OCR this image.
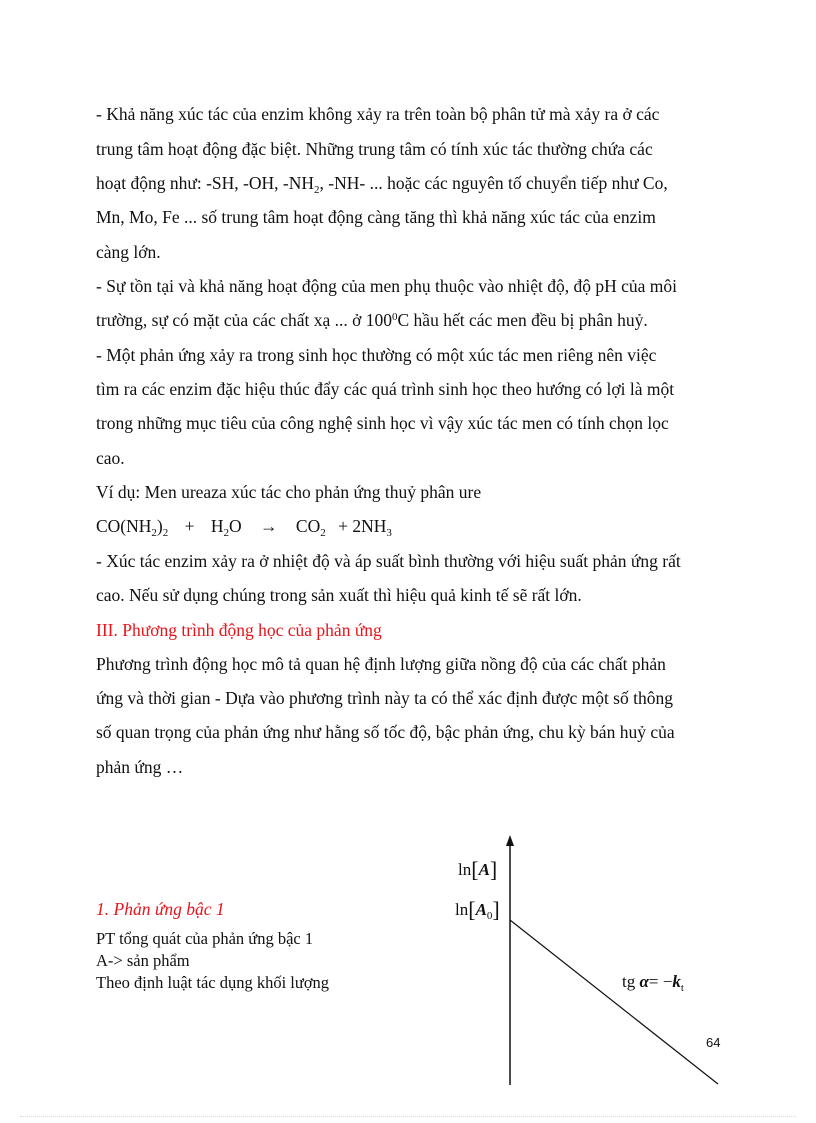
- Khả năng xúc tác của enzim không xảy ra trên toàn bộ phân tử mà xảy ra ở các
trung tâm hoạt động đặc biệt. Những trung tâm có tính xúc tác thường chứa các
hoạt động như: -SH, -OH, $-NH_2$, -NH- ... hoặc các nguyên tố chuyển tiếp như Co,
Mn, Mo, Fe ... số trung tâm hoạt động càng tăng thì khả năng xúc tác của enzim
càng lớn.
- Sự tồn tại và khả năng hoạt động của men phụ thuộc vào nhiệt độ, độ pH của môi
trường, sự có mặt của các chất xạ ... ở $100^0C$ hầu hết các men đều bị phân huỷ.
- Một phản ứng xảy ra trong sinh học thường có một xúc tác men riêng nên việc
tìm ra các enzim đặc hiệu thúc đẩy các quá trình sinh học theo hướng có lợi là một
trong những mục tiêu của công nghệ sinh học vì vậy xúc tác men có tính chọn lọc
cao.
Ví dụ: Men ureaza xúc tác cho phản ứng thuỷ phân ure
$CO(NH_2)_2 + H_2O \to CO_2 + 2NH_3$
- Xúc tác enzim xảy ra ở nhiệt độ và áp suất bình thường với hiệu suất phản ứng rất
cao. Nếu sử dụng chúng trong sản xuất thì hiệu quả kinh tế sẽ rất lớn.
III. Phương trình động học của phản ứng
Phương trình động học mô tả quan hệ định lượng giữa nồng độ của các chất phản
ứng và thời gian - Dựa vào phương trình này ta có thể xác định được một số thông
số quan trọng của phản ứng như hằng số tốc độ, bậc phản ứng, chu kỳ bán huỷ của
phản ứng …
1. Phản ứng bậc 1
PT tổng quát của phản ứng bậc 1
A-> sản phẩm
Theo định luật tác dụng khối lượng
ln[A]
$\ln[A_0]$
tg $\alpha= -k_t$
64
